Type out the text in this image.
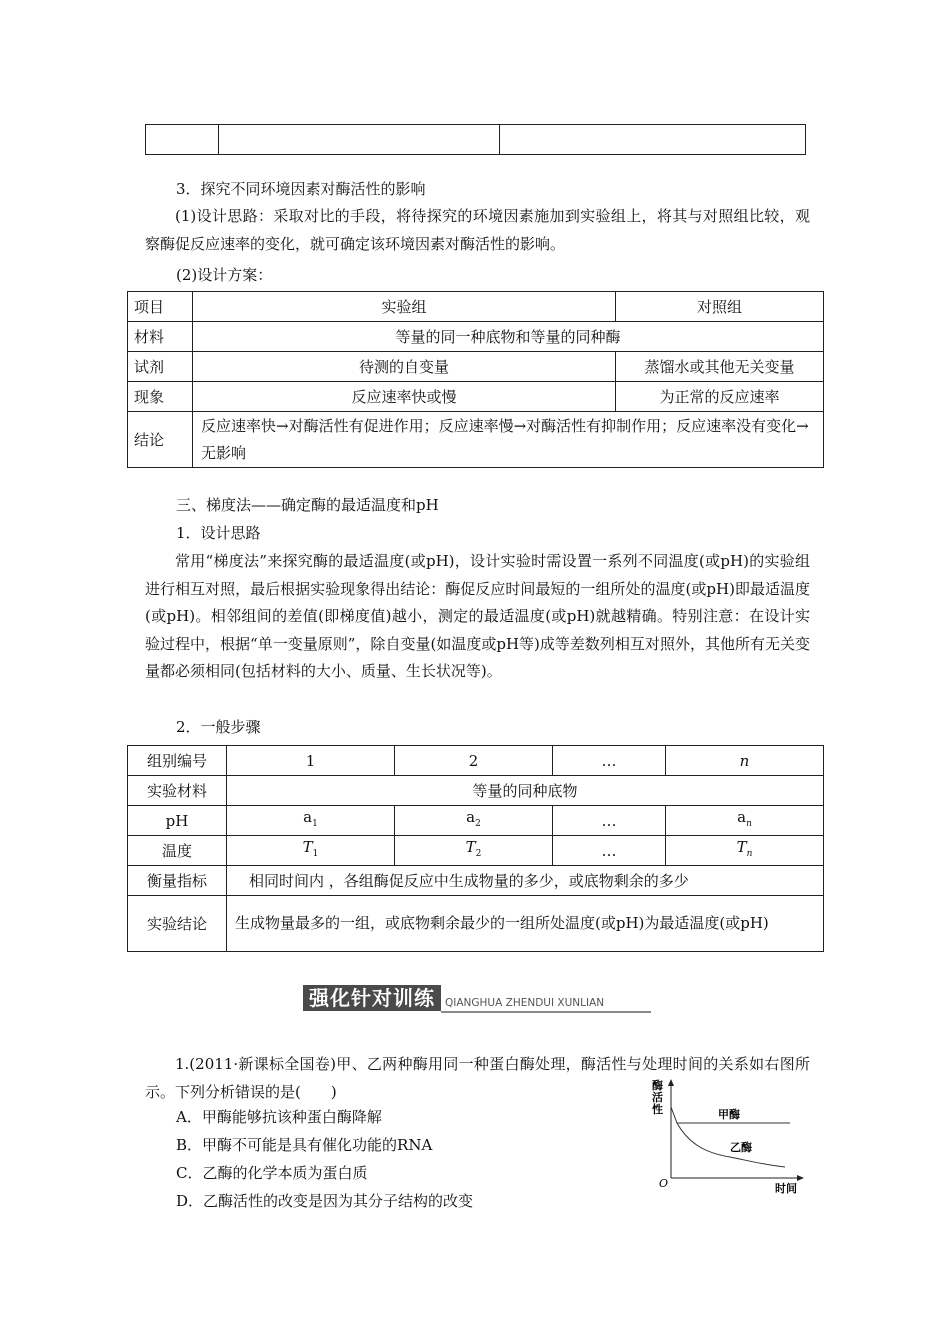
3．探究不同环境因素对酶活性的影响
(1)设计思路：采取对比的手段，将待探究的环境因素施加到实验组上，将其与对照组比较，观察酶促反应速率的变化，就可确定该环境因素对酶活性的影响。
(2)设计方案：
项目	实验组	对照组
材料	等量的同一种底物和等量的同种酶	
试剂	待测的自变量	蒸馏水或其他无关变量
现象	反应速率快或慢	为正常的反应速率
结论	反应速率快→对酶活性有促进作用；反应速率慢→对酶活性有抑制作用；反应速率没有变化→无影响	
三、梯度法——确定酶的最适温度和pH
1．设计思路
常用“梯度法”来探究酶的最适温度(或pH)，设计实验时需设置一系列不同温度(或pH)的实验组进行相互对照，最后根据实验现象得出结论：酶促反应时间最短的一组所处的温度(或pH)即最适温度(或pH)。相邻组间的差值(即梯度值)越小，测定的最适温度(或pH)就越精确。特别注意：在设计实验过程中，根据“单一变量原则”，除自变量(如温度或pH等)成等差数列相互对照外，其他所有无关变量都必须相同(包括材料的大小、质量、生长状况等)。
2．一般步骤
组别编号	1	2	…	n
实验材料	等量的同种底物			
pH	$a_1$	$a_2$	…	$a_n$
温度	$T_1$	$T_2$	…	$T_n$
衡量指标	相同时间内 ，各组酶促反应中生成物量的多少，或底物剩余的多少			
实验结论	生成物量最多的一组，或底物剩余最少的一组所处温度(或pH)为最适温度(或pH)			
强化针对训练 QIANGHUA ZHENDUI XUNLIAN
1.(2011·新课标全国卷)甲、乙两种酶用同一种蛋白酶处理，酶活性与处理时间的关系如右图所示。下列分析错误的是(　　)
A．甲酶能够抗该种蛋白酶降解
B．甲酶不可能是具有催化功能的RNA
C．乙酶的化学本质为蛋白质
D．乙酶活性的改变是因为其分子结构的改变
酶
活
性	甲酶
乙酶
O	时间
